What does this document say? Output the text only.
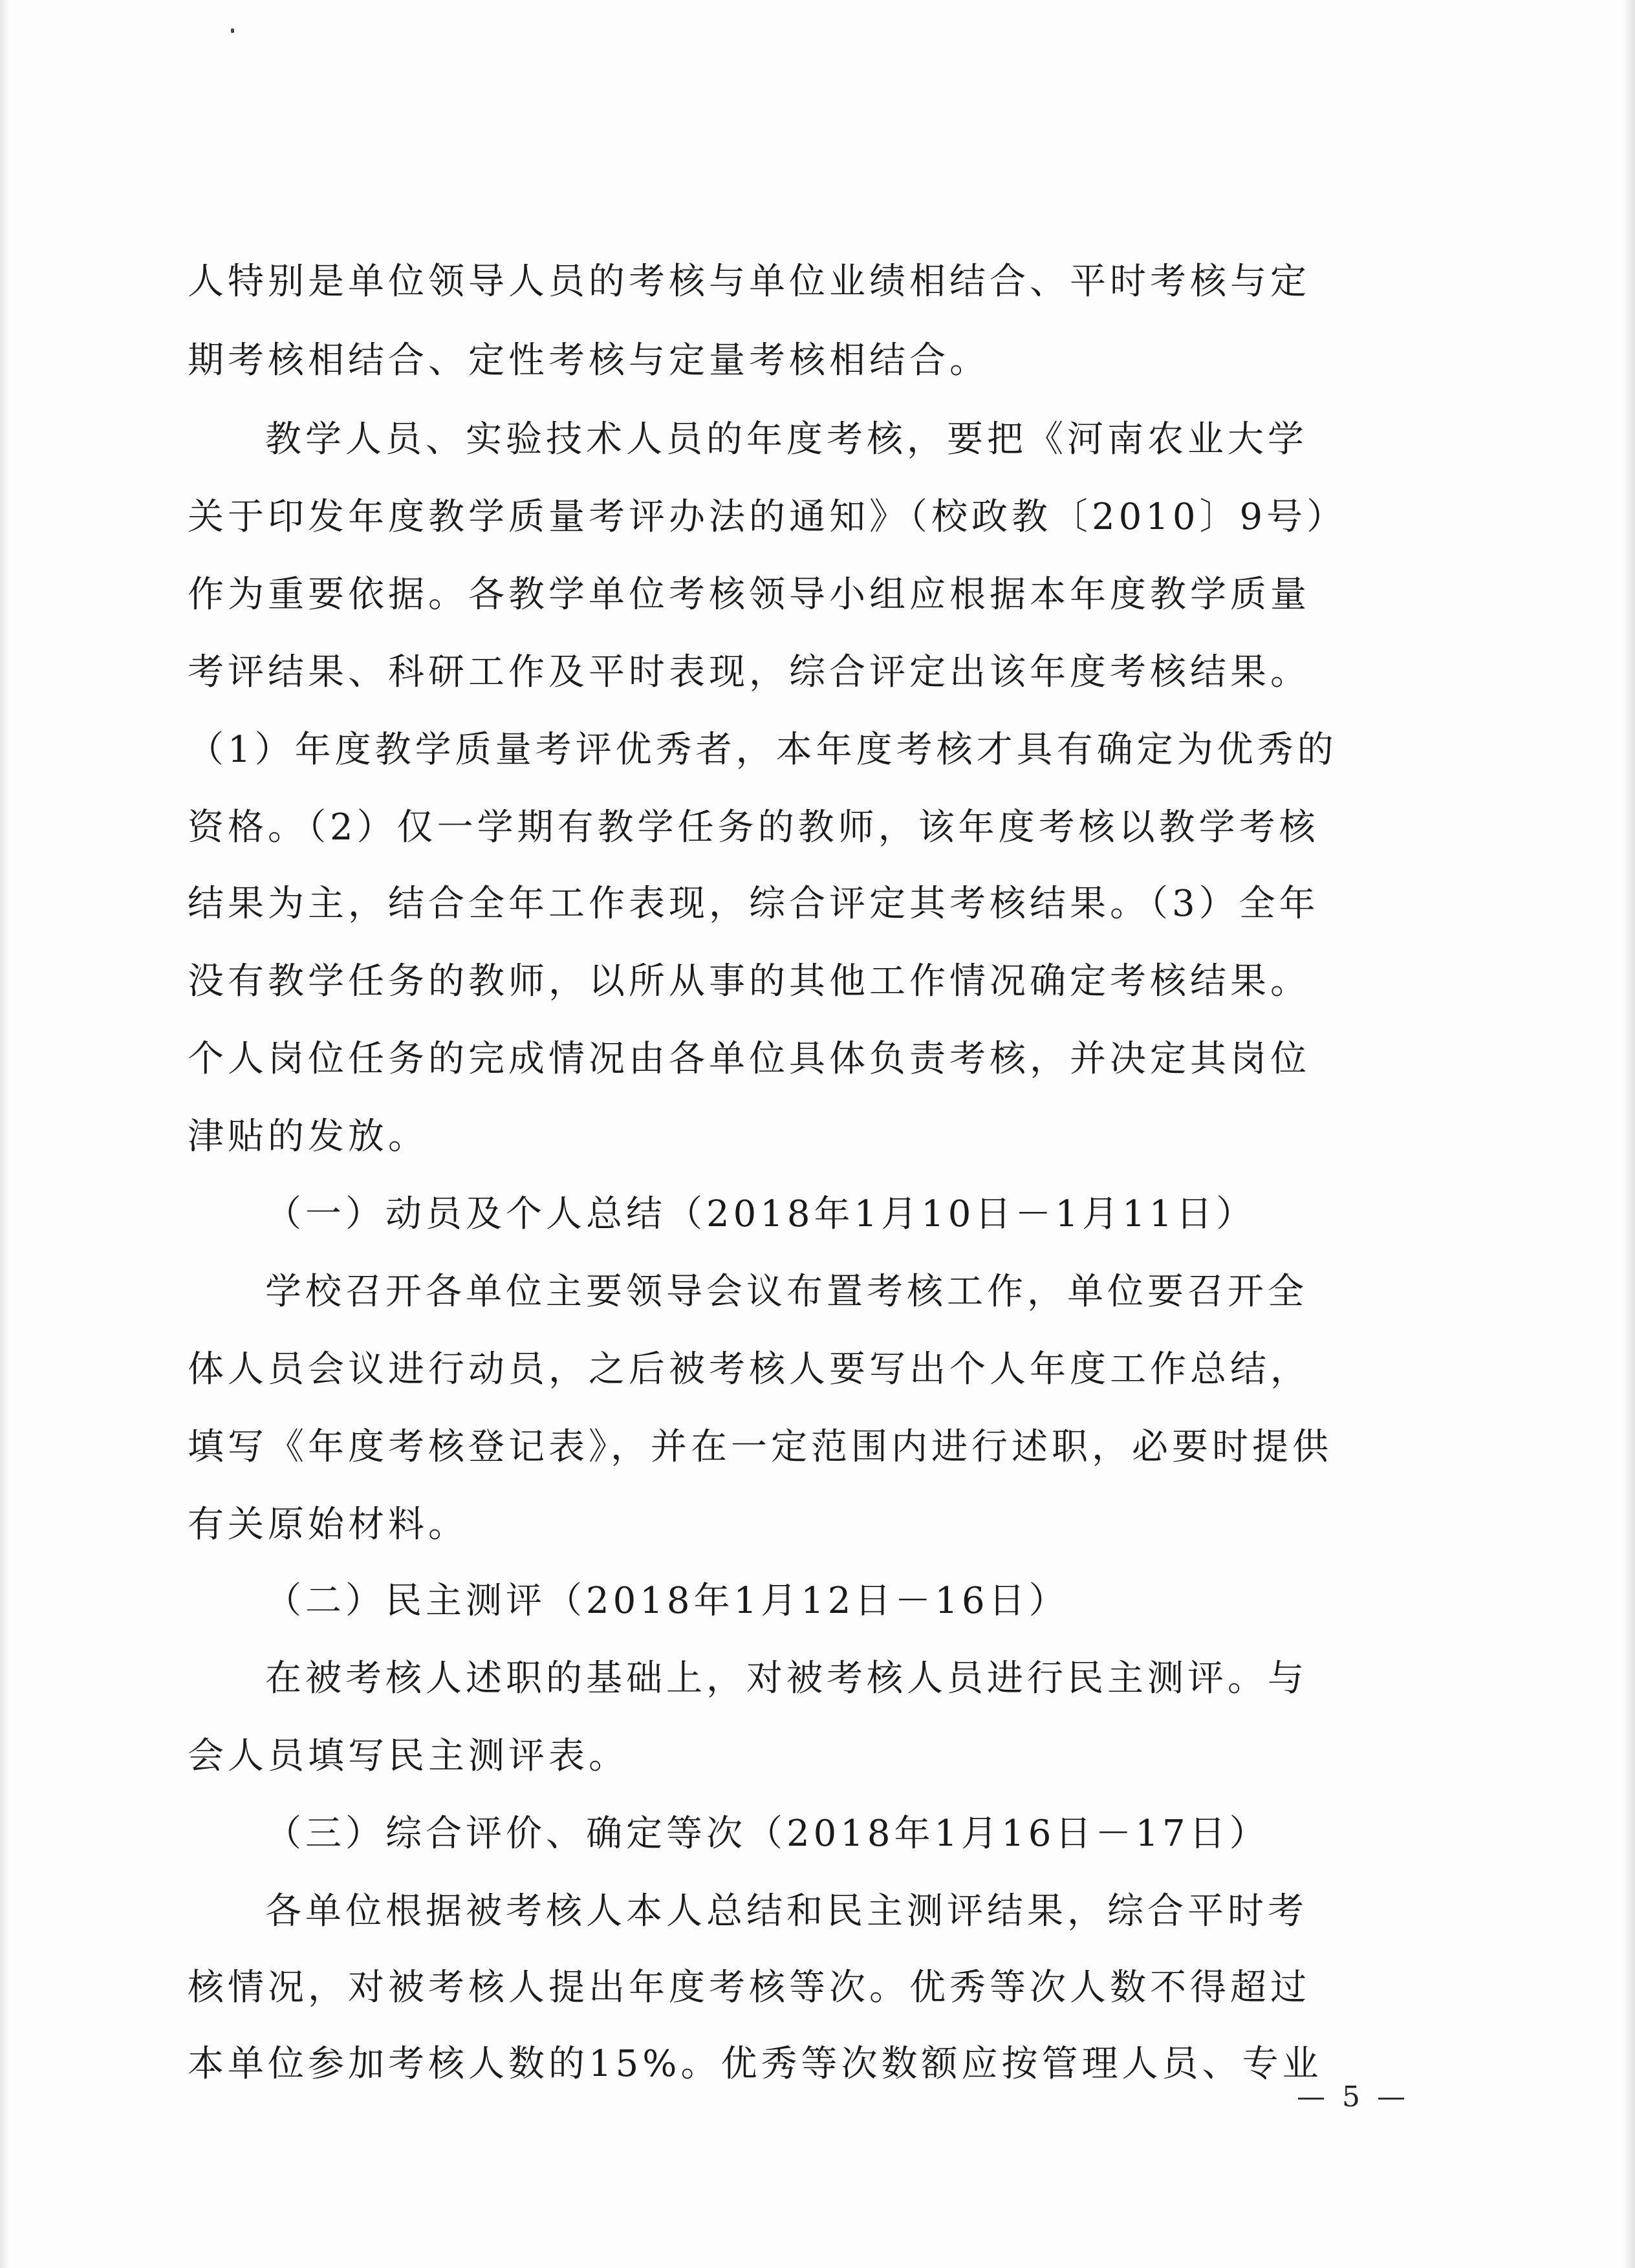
人特别是单位领导人员的考核与单位业绩相结合、平时考核与定
期考核相结合、定性考核与定量考核相结合。
教学人员、实验技术人员的年度考核，要把《河南农业大学
关于印发年度教学质量考评办法的通知》（校政教〔2010〕9号）
作为重要依据。各教学单位考核领导小组应根据本年度教学质量
考评结果、科研工作及平时表现，综合评定出该年度考核结果。
（1）年度教学质量考评优秀者，本年度考核才具有确定为优秀的
资格。（2）仅一学期有教学任务的教师，该年度考核以教学考核
结果为主，结合全年工作表现，综合评定其考核结果。（3）全年
没有教学任务的教师，以所从事的其他工作情况确定考核结果。
个人岗位任务的完成情况由各单位具体负责考核，并决定其岗位
津贴的发放。
（一）动员及个人总结（2018年1月10日－1月11日）
学校召开各单位主要领导会议布置考核工作，单位要召开全
体人员会议进行动员，之后被考核人要写出个人年度工作总结，
填写《年度考核登记表》，并在一定范围内进行述职，必要时提供
有关原始材料。
（二）民主测评（2018年1月12日－16日）
在被考核人述职的基础上，对被考核人员进行民主测评。与
会人员填写民主测评表。
（三）综合评价、确定等次（2018年1月16日－17日）
各单位根据被考核人本人总结和民主测评结果，综合平时考
核情况，对被考核人提出年度考核等次。优秀等次人数不得超过
本单位参加考核人数的15%。优秀等次数额应按管理人员、专业
— 5 —
